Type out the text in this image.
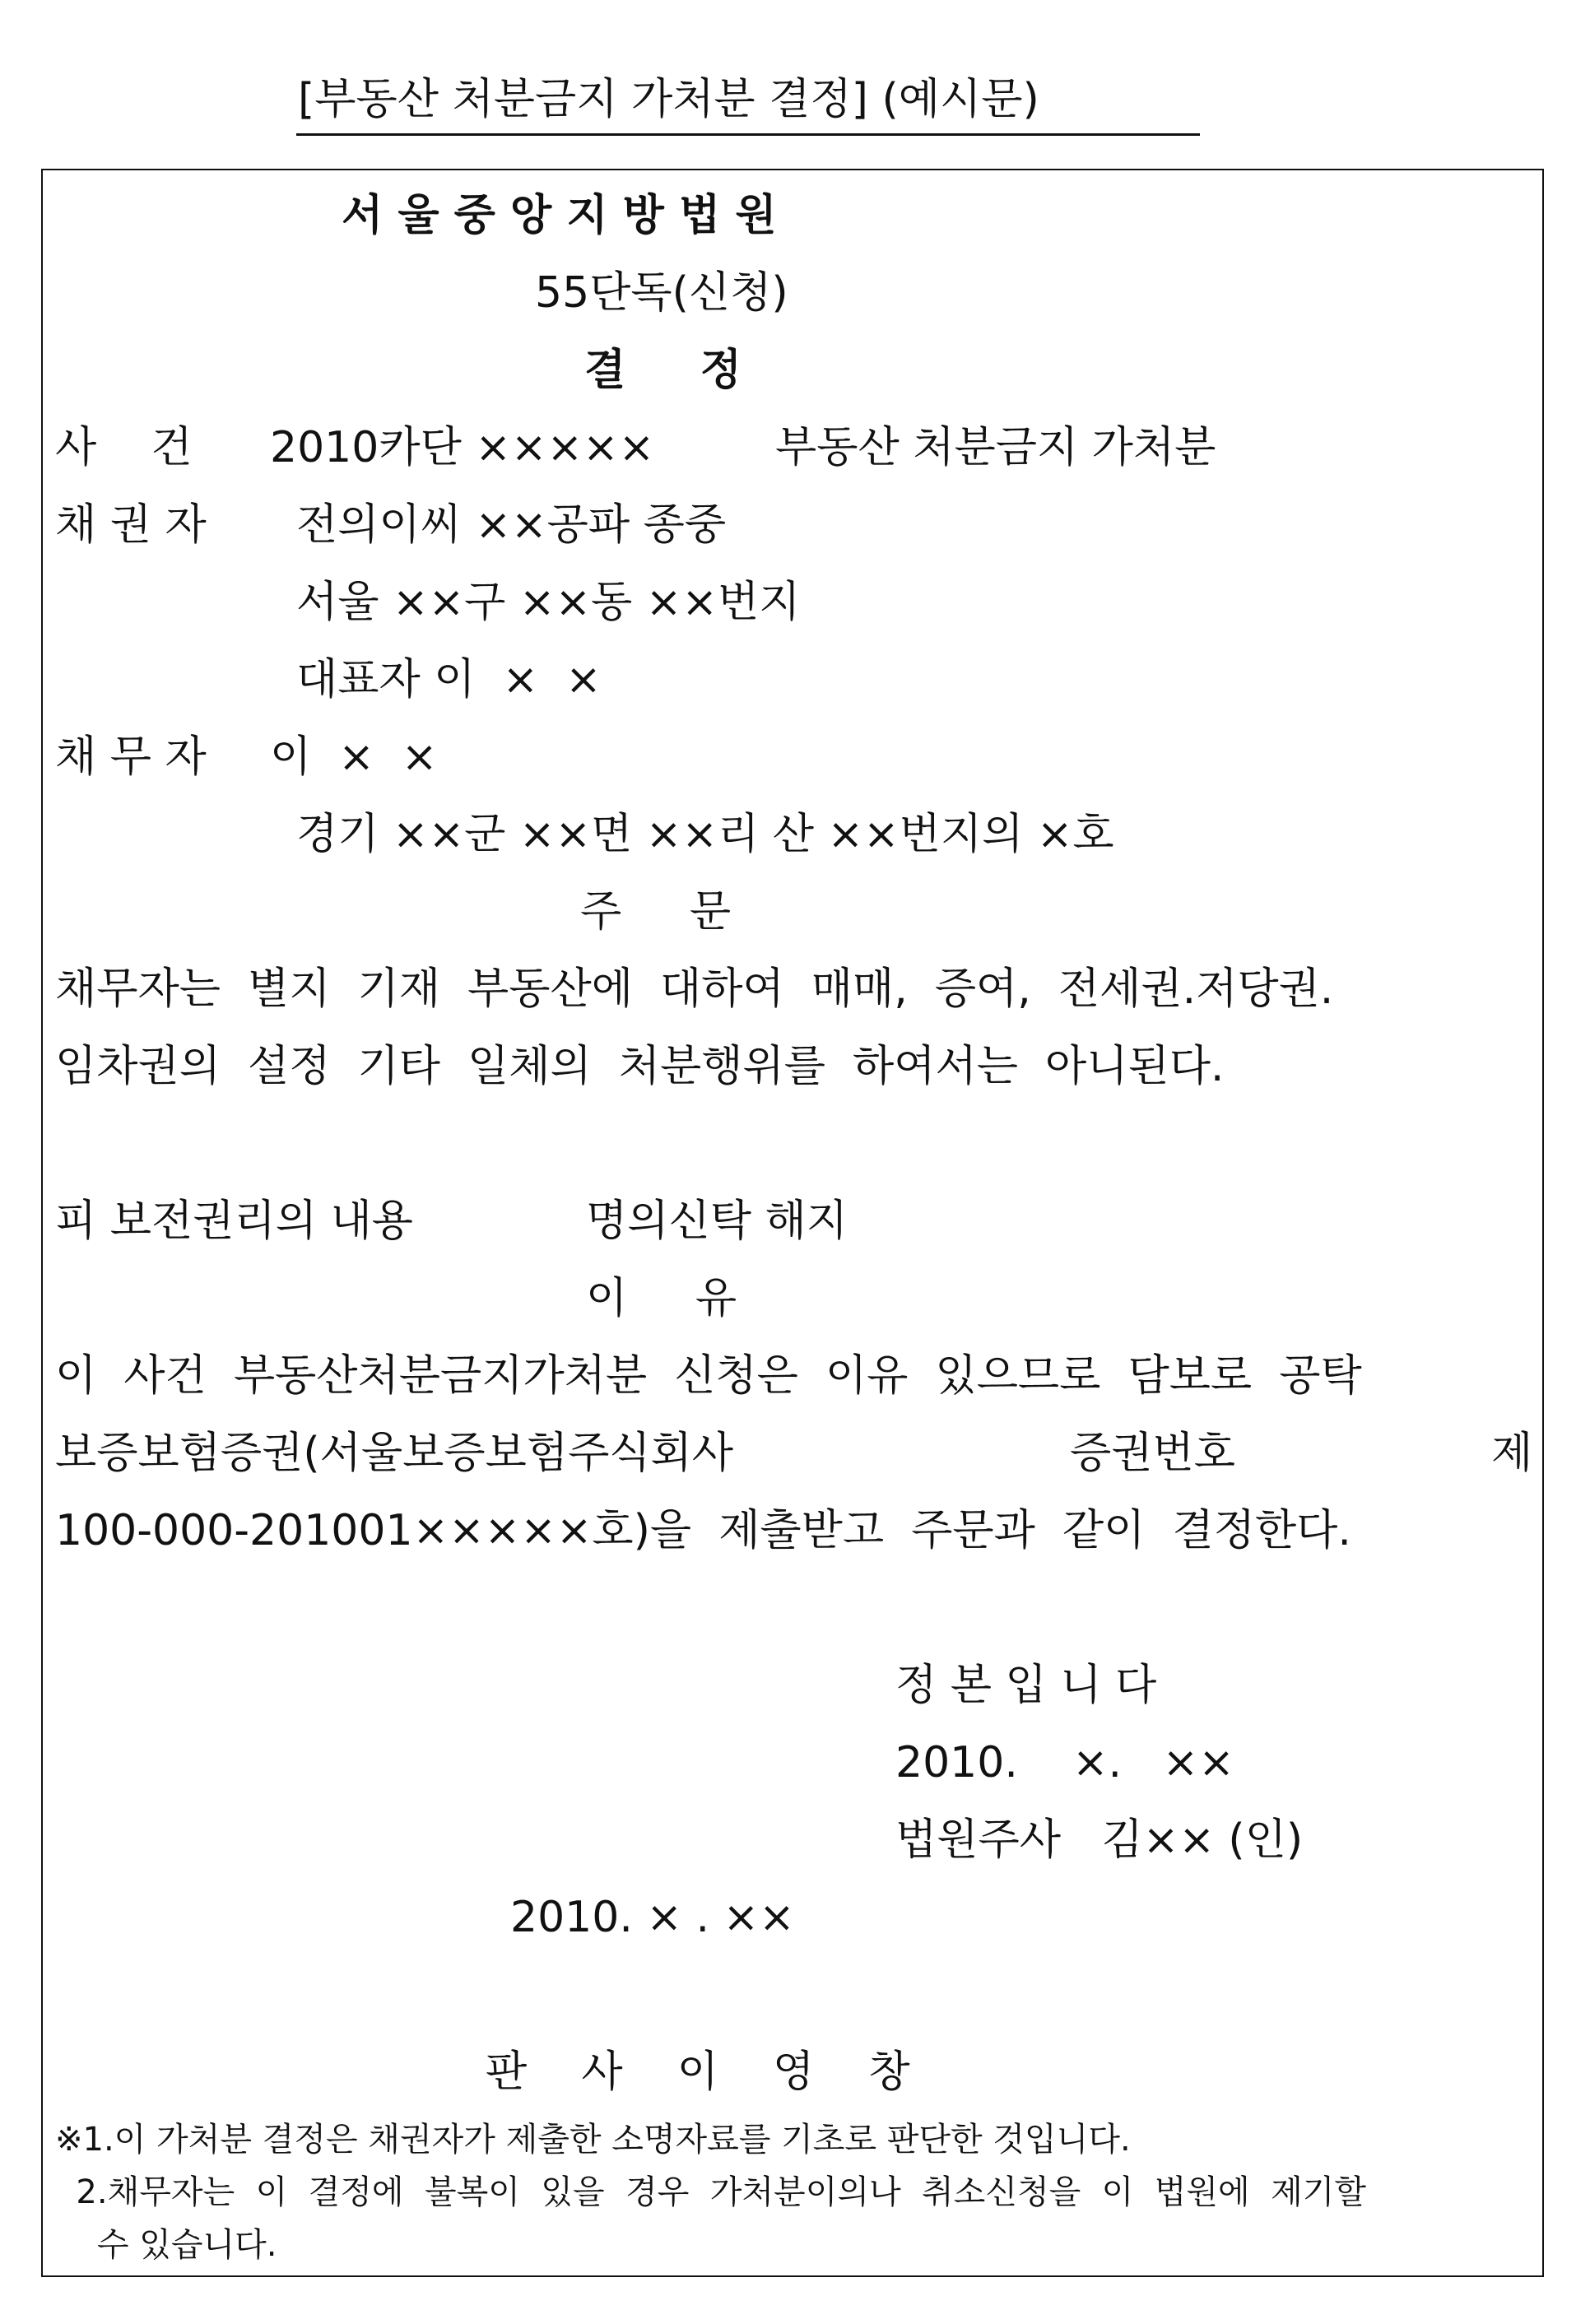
[부동산 처분금지 가처분 결정] (예시문)
서 울 중 앙 지 방 법 원
55단독(신청)
결     정
사    건 2010카단 ×××××	부동산 처분금지 가처분
채 권 자 전의이씨 ××공파 종중
서울 ××구 ××동 ××번지
대표자 이  ×  ×
채 무 자 이  ×  ×
경기 ××군 ××면 ××리 산 ××번지의 ×호
주     문
채무자는  별지  기재  부동산에  대하여  매매,  증여,  전세권.저당권.
임차권의  설정  기타  일체의  처분행위를  하여서는  아니된다.
피 보전권리의 내용	명의신탁 해지
이     유
이  사건  부동산처분금지가처분  신청은  이유  있으므로  담보로  공탁
보증보험증권(서울보증보험주식회사	증권번호	제
100-000-201001×××××호)을  제출받고  주문과  같이  결정한다.
정 본 입 니 다
2010.    ×.   ××
법원주사   김×× (인)
2010. × . ××
판    사    이    영    창
※1.이 가처분 결정은 채권자가 제출한 소명자료를 기초로 판단한 것입니다.
2.채무자는  이  결정에  불복이  있을  경우  가처분이의나  취소신청을  이  법원에  제기할
수 있습니다.
